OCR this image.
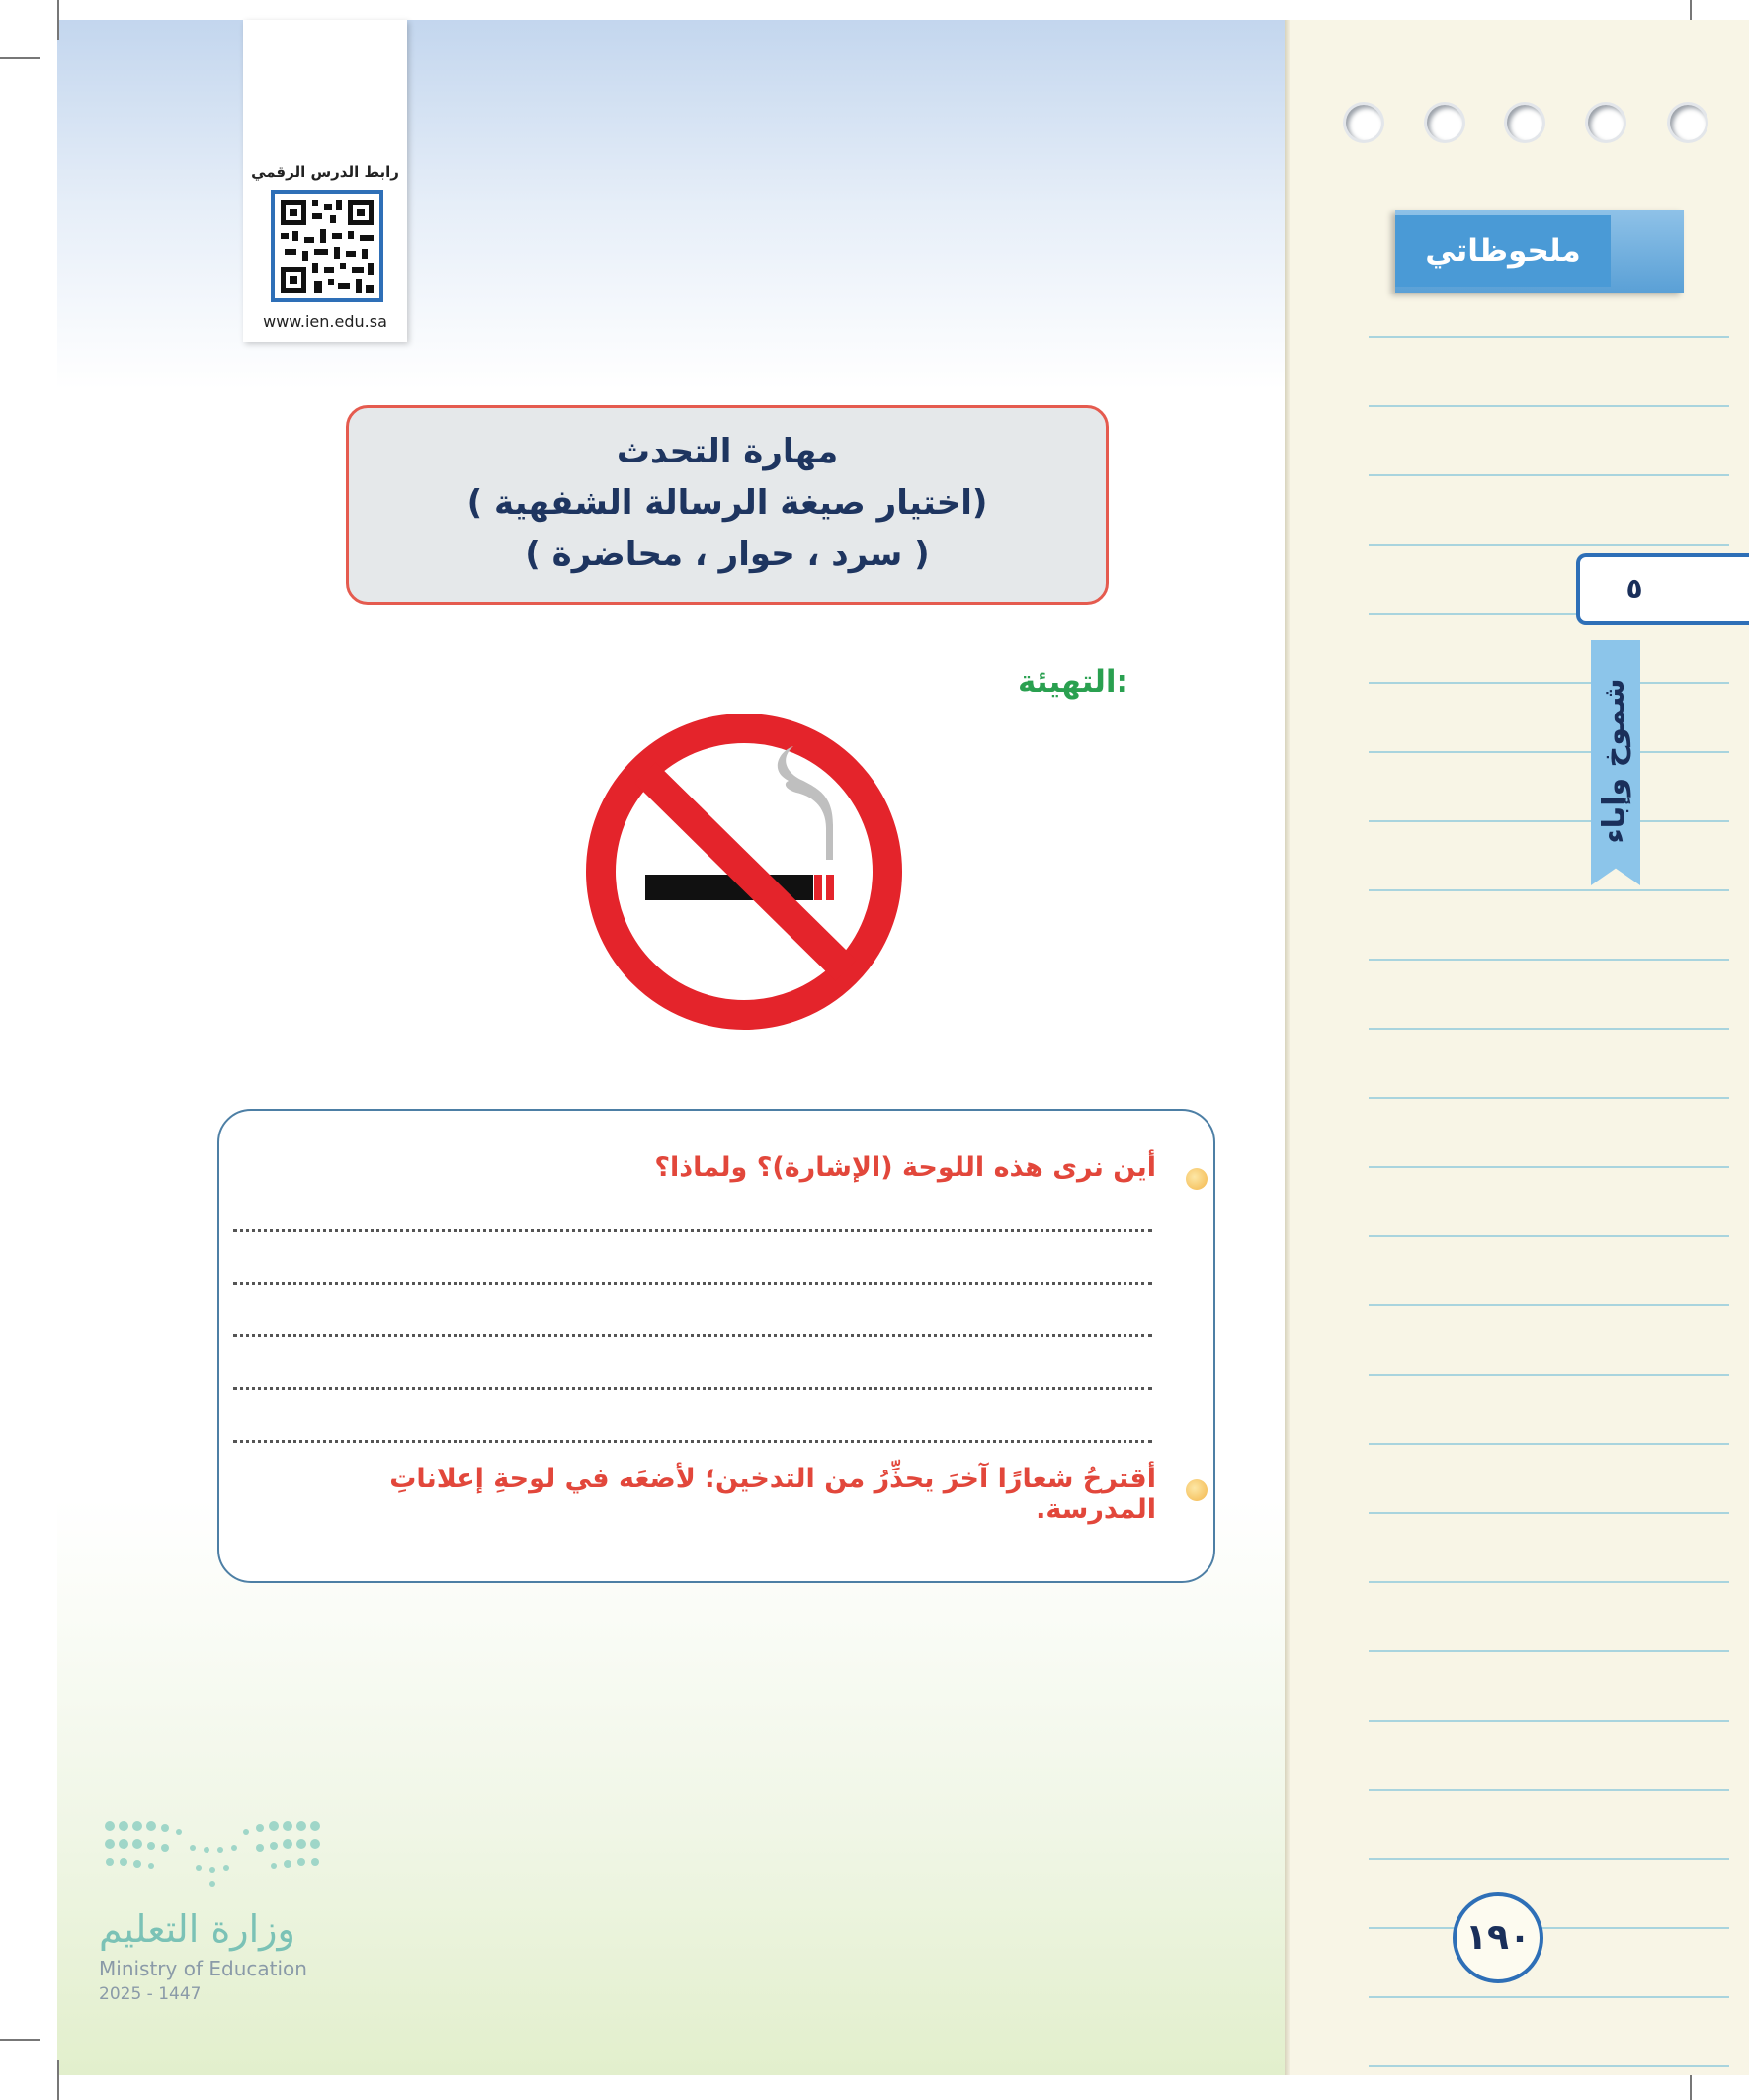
ملحوظاتي
٥
شموخ وإباء
١٩٠
رابط الدرس الرقمي
www.ien.edu.sa
مهارة التحدث
( اختيار صيغة الرسالة الشفهية)
( سرد ، حوار ، محاضرة )
التهيئة:
أين نرى هذه اللوحة (الإشارة)؟ ولماذا؟
أقترحُ شعارًا آخرَ يحذِّرُ من التدخين؛ لأضعَه في لوحةِ إعلاناتِ المدرسة.
وزارة التعليم
Ministry of Education
2025 - 1447
